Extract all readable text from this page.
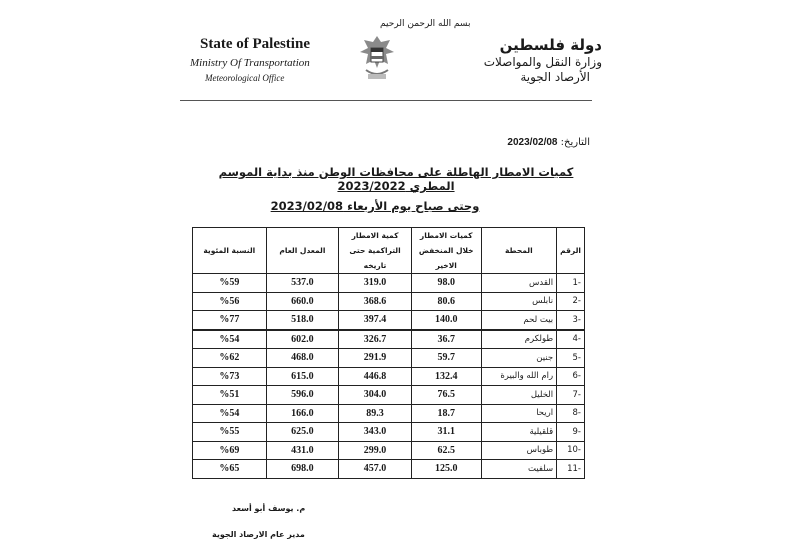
بسم الله الرحمن الرحيم
State of Palestine
Ministry Of Transportation
Meteorological Office
دولة فلسطين
وزارة النقل والمواصلات
الأرصاد الجوية
التاريخ: 2023/02/08
كميات الامطار الهاطلة على محافظات الوطن منذ بداية الموسم المطري 2023/2022
وحتى صباح يوم الأربعاء 2023/02/08
الرقم	المحطة	كميات الامطار خلال المنخفض الاخير	كمية الامطار التراكمية حتى تاريخه	المعدل العام	النسبة المئوية
-1	القدس	98.0	319.0	537.0	%59
-2	نابلس	80.6	368.6	660.0	%56
-3	بيت لحم	140.0	397.4	518.0	%77
-4	طولكرم	36.7	326.7	602.0	%54
-5	جنين	59.7	291.9	468.0	%62
-6	رام الله والبيرة	132.4	446.8	615.0	%73
-7	الخليل	76.5	304.0	596.0	%51
-8	اريحا	18.7	89.3	166.0	%54
-9	قلقيلية	31.1	343.0	625.0	%55
-10	طوباس	62.5	299.0	431.0	%69
-11	سلفيت	125.0	457.0	698.0	%65
م. يوسف أبو أسعد
مدير عام الارصاد الجوية
